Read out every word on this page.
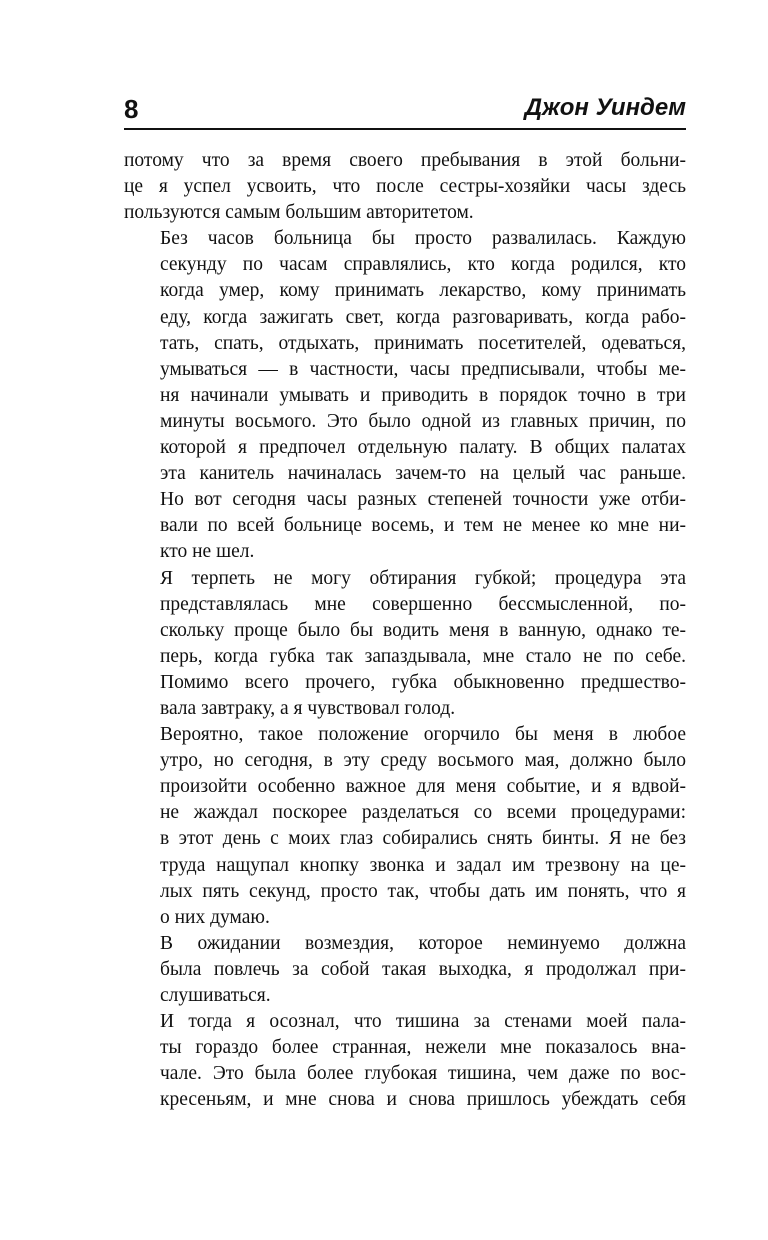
8	Джон Уиндем

потому что за время своего пребывания в этой больни-
це я успел усвоить, что после сестры-хозяйки часы здесь
пользуются самым большим авторитетом.

Без часов больница бы просто развалилась. Каждую
секунду по часам справлялись, кто когда родился, кто
когда умер, кому принимать лекарство, кому принимать
еду, когда зажигать свет, когда разговаривать, когда рабо-
тать, спать, отдыхать, принимать посетителей, одеваться,
умываться — в частности, часы предписывали, чтобы ме-
ня начинали умывать и приводить в порядок точно в три
минуты восьмого. Это было одной из главных причин, по
которой я предпочел отдельную палату. В общих палатах
эта канитель начиналась зачем-то на целый час раньше.
Но вот сегодня часы разных степеней точности уже отби-
вали по всей больнице восемь, и тем не менее ко мне ни-
кто не шел.

Я терпеть не могу обтирания губкой; процедура эта
представлялась мне совершенно бессмысленной, по-
скольку проще было бы водить меня в ванную, однако те-
перь, когда губка так запаздывала, мне стало не по себе.
Помимо всего прочего, губка обыкновенно предшество-
вала завтраку, а я чувствовал голод.

Вероятно, такое положение огорчило бы меня в любое
утро, но сегодня, в эту среду восьмого мая, должно было
произойти особенно важное для меня событие, и я вдвой-
не жаждал поскорее разделаться со всеми процедурами:
в этот день с моих глаз собирались снять бинты. Я не без
труда нащупал кнопку звонка и задал им трезвону на це-
лых пять секунд, просто так, чтобы дать им понять, что я
о них думаю.

В ожидании возмездия, которое неминуемо должна
была повлечь за собой такая выходка, я продолжал при-
слушиваться.

И тогда я осознал, что тишина за стенами моей пала-
ты гораздо более странная, нежели мне показалось вна-
чале. Это была более глубокая тишина, чем даже по вос-
кресеньям, и мне снова и снова пришлось убеждать себя
